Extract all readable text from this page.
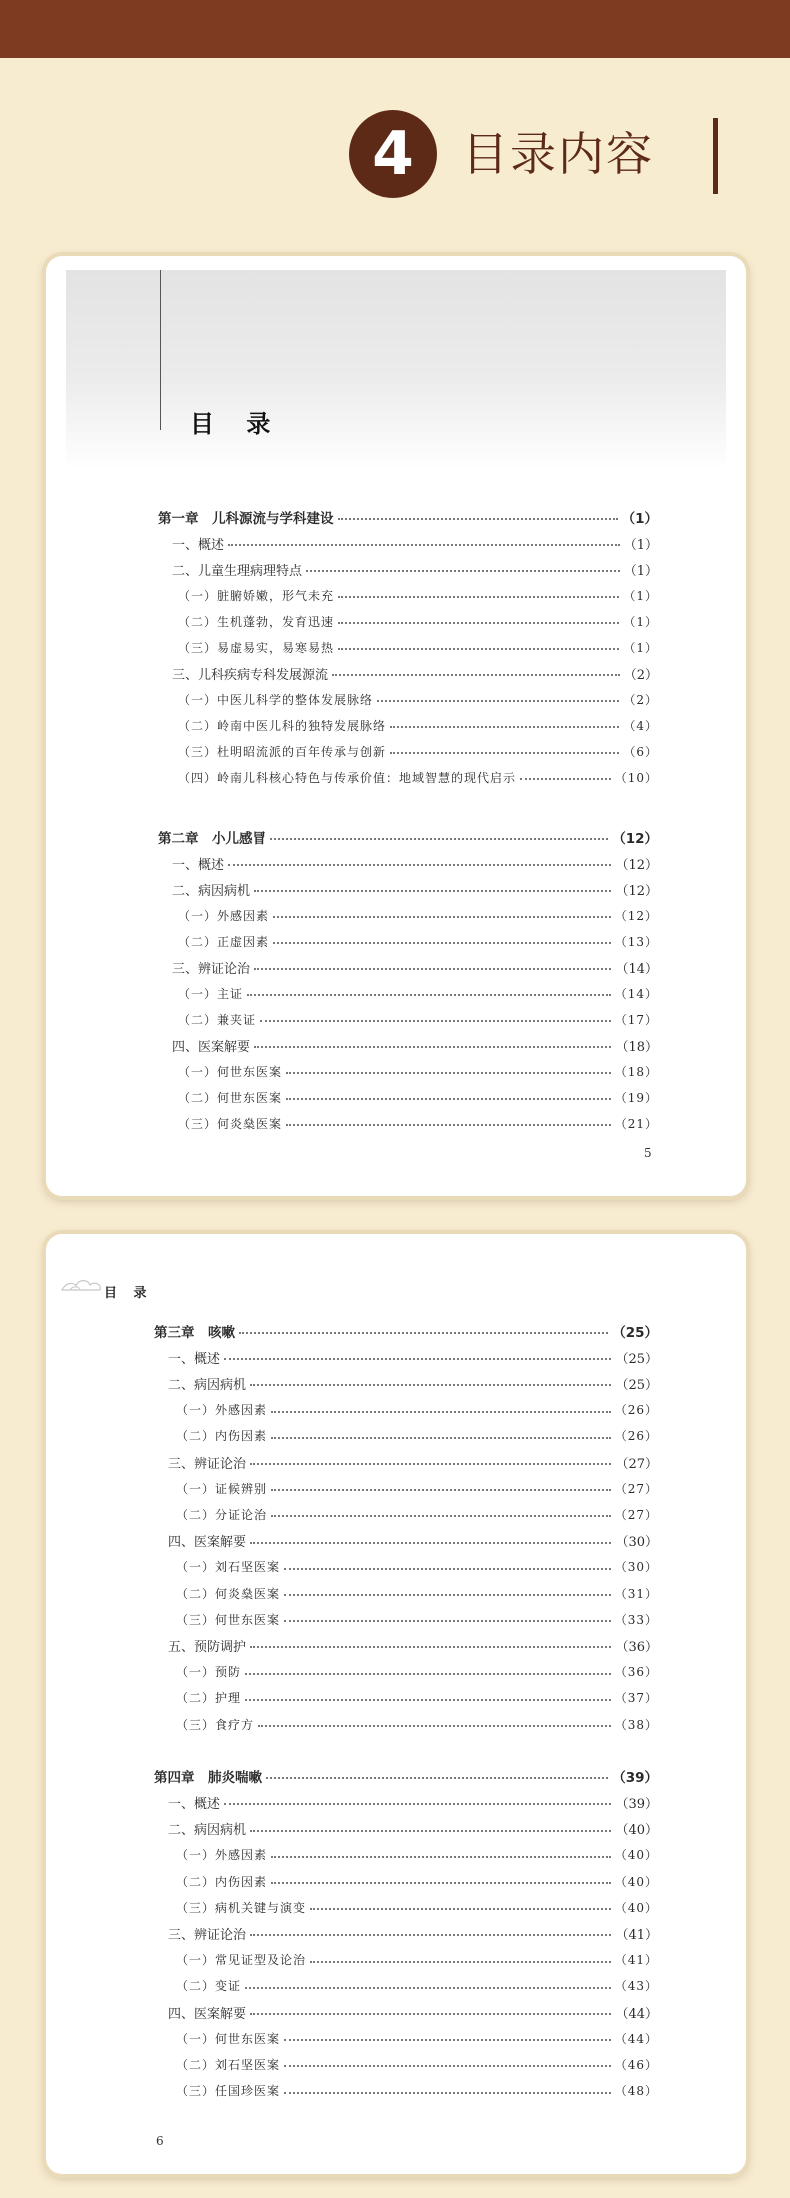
4	目录内容
目 录
第一章　儿科源流与学科建设	（1）
一、概述	（1）
二、儿童生理病理特点	（1）
（一）脏腑娇嫩，形气未充	（1）
（二）生机蓬勃，发育迅速	（1）
（三）易虚易实，易寒易热	（1）
三、儿科疾病专科发展源流	（2）
（一）中医儿科学的整体发展脉络	（2）
（二）岭南中医儿科的独特发展脉络	（4）
（三）杜明昭流派的百年传承与创新	（6）
（四）岭南儿科核心特色与传承价值：地域智慧的现代启示	（10）
第二章　小儿感冒	（12）
一、概述	（12）
二、病因病机	（12）
（一）外感因素	（12）
（二）正虚因素	（13）
三、辨证论治	（14）
（一）主证	（14）
（二）兼夹证	（17）
四、医案解要	（18）
（一）何世东医案	（18）
（二）何世东医案	（19）
（三）何炎燊医案	（21）
5
目 录
第三章　咳嗽	（25）
一、概述	（25）
二、病因病机	（25）
（一）外感因素	（26）
（二）内伤因素	（26）
三、辨证论治	（27）
（一）证候辨别	（27）
（二）分证论治	（27）
四、医案解要	（30）
（一）刘石坚医案	（30）
（二）何炎燊医案	（31）
（三）何世东医案	（33）
五、预防调护	（36）
（一）预防	（36）
（二）护理	（37）
（三）食疗方	（38）
第四章　肺炎喘嗽	（39）
一、概述	（39）
二、病因病机	（40）
（一）外感因素	（40）
（二）内伤因素	（40）
（三）病机关键与演变	（40）
三、辨证论治	（41）
（一）常见证型及论治	（41）
（二）变证	（43）
四、医案解要	（44）
（一）何世东医案	（44）
（二）刘石坚医案	（46）
（三）任国珍医案	（48）
6
